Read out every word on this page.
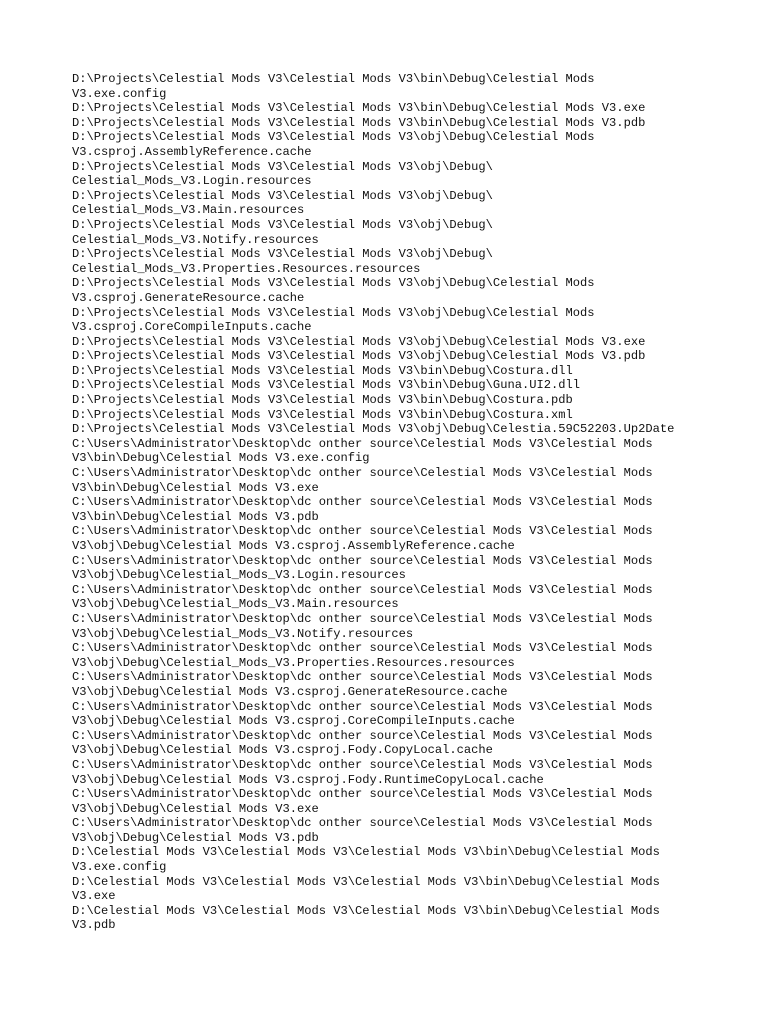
D:\Projects\Celestial Mods V3\Celestial Mods V3\bin\Debug\Celestial Mods
V3.exe.config
D:\Projects\Celestial Mods V3\Celestial Mods V3\bin\Debug\Celestial Mods V3.exe
D:\Projects\Celestial Mods V3\Celestial Mods V3\bin\Debug\Celestial Mods V3.pdb
D:\Projects\Celestial Mods V3\Celestial Mods V3\obj\Debug\Celestial Mods
V3.csproj.AssemblyReference.cache
D:\Projects\Celestial Mods V3\Celestial Mods V3\obj\Debug\
Celestial_Mods_V3.Login.resources
D:\Projects\Celestial Mods V3\Celestial Mods V3\obj\Debug\
Celestial_Mods_V3.Main.resources
D:\Projects\Celestial Mods V3\Celestial Mods V3\obj\Debug\
Celestial_Mods_V3.Notify.resources
D:\Projects\Celestial Mods V3\Celestial Mods V3\obj\Debug\
Celestial_Mods_V3.Properties.Resources.resources
D:\Projects\Celestial Mods V3\Celestial Mods V3\obj\Debug\Celestial Mods
V3.csproj.GenerateResource.cache
D:\Projects\Celestial Mods V3\Celestial Mods V3\obj\Debug\Celestial Mods
V3.csproj.CoreCompileInputs.cache
D:\Projects\Celestial Mods V3\Celestial Mods V3\obj\Debug\Celestial Mods V3.exe
D:\Projects\Celestial Mods V3\Celestial Mods V3\obj\Debug\Celestial Mods V3.pdb
D:\Projects\Celestial Mods V3\Celestial Mods V3\bin\Debug\Costura.dll
D:\Projects\Celestial Mods V3\Celestial Mods V3\bin\Debug\Guna.UI2.dll
D:\Projects\Celestial Mods V3\Celestial Mods V3\bin\Debug\Costura.pdb
D:\Projects\Celestial Mods V3\Celestial Mods V3\bin\Debug\Costura.xml
D:\Projects\Celestial Mods V3\Celestial Mods V3\obj\Debug\Celestia.59C52203.Up2Date
C:\Users\Administrator\Desktop\dc onther source\Celestial Mods V3\Celestial Mods
V3\bin\Debug\Celestial Mods V3.exe.config
C:\Users\Administrator\Desktop\dc onther source\Celestial Mods V3\Celestial Mods
V3\bin\Debug\Celestial Mods V3.exe
C:\Users\Administrator\Desktop\dc onther source\Celestial Mods V3\Celestial Mods
V3\bin\Debug\Celestial Mods V3.pdb
C:\Users\Administrator\Desktop\dc onther source\Celestial Mods V3\Celestial Mods
V3\obj\Debug\Celestial Mods V3.csproj.AssemblyReference.cache
C:\Users\Administrator\Desktop\dc onther source\Celestial Mods V3\Celestial Mods
V3\obj\Debug\Celestial_Mods_V3.Login.resources
C:\Users\Administrator\Desktop\dc onther source\Celestial Mods V3\Celestial Mods
V3\obj\Debug\Celestial_Mods_V3.Main.resources
C:\Users\Administrator\Desktop\dc onther source\Celestial Mods V3\Celestial Mods
V3\obj\Debug\Celestial_Mods_V3.Notify.resources
C:\Users\Administrator\Desktop\dc onther source\Celestial Mods V3\Celestial Mods
V3\obj\Debug\Celestial_Mods_V3.Properties.Resources.resources
C:\Users\Administrator\Desktop\dc onther source\Celestial Mods V3\Celestial Mods
V3\obj\Debug\Celestial Mods V3.csproj.GenerateResource.cache
C:\Users\Administrator\Desktop\dc onther source\Celestial Mods V3\Celestial Mods
V3\obj\Debug\Celestial Mods V3.csproj.CoreCompileInputs.cache
C:\Users\Administrator\Desktop\dc onther source\Celestial Mods V3\Celestial Mods
V3\obj\Debug\Celestial Mods V3.csproj.Fody.CopyLocal.cache
C:\Users\Administrator\Desktop\dc onther source\Celestial Mods V3\Celestial Mods
V3\obj\Debug\Celestial Mods V3.csproj.Fody.RuntimeCopyLocal.cache
C:\Users\Administrator\Desktop\dc onther source\Celestial Mods V3\Celestial Mods
V3\obj\Debug\Celestial Mods V3.exe
C:\Users\Administrator\Desktop\dc onther source\Celestial Mods V3\Celestial Mods
V3\obj\Debug\Celestial Mods V3.pdb
D:\Celestial Mods V3\Celestial Mods V3\Celestial Mods V3\bin\Debug\Celestial Mods
V3.exe.config
D:\Celestial Mods V3\Celestial Mods V3\Celestial Mods V3\bin\Debug\Celestial Mods
V3.exe
D:\Celestial Mods V3\Celestial Mods V3\Celestial Mods V3\bin\Debug\Celestial Mods
V3.pdb
